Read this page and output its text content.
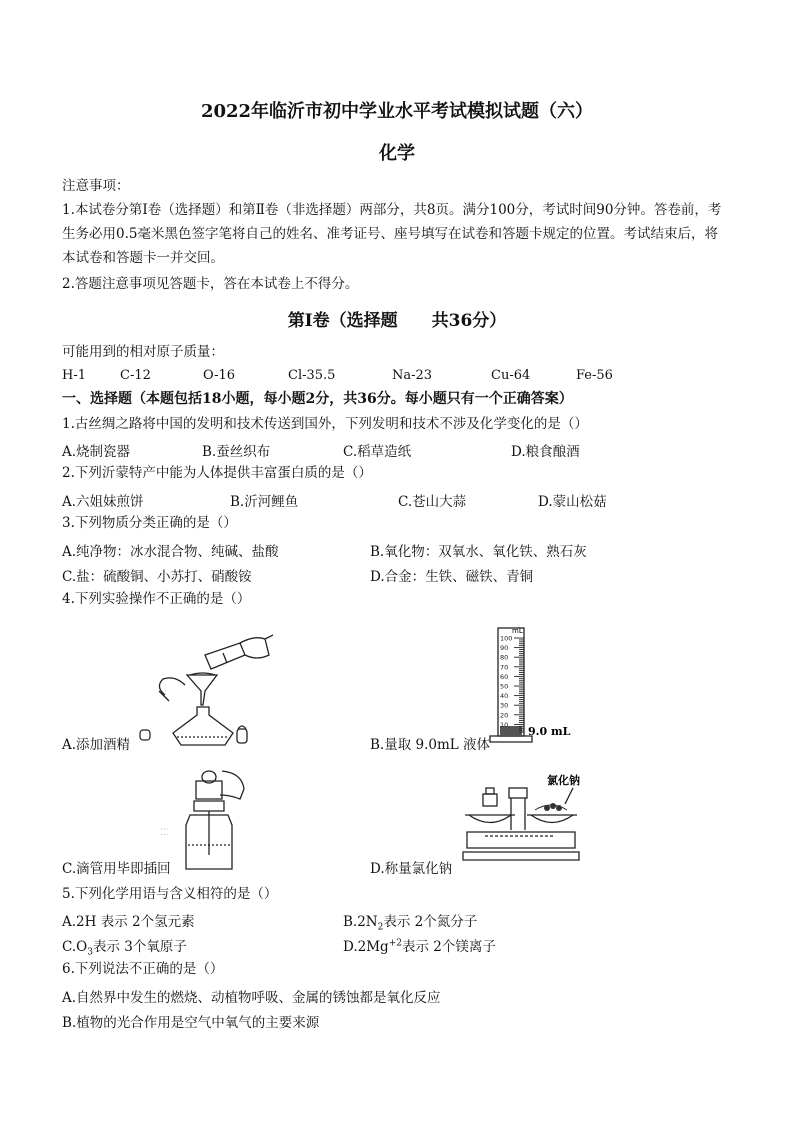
2022年临沂市初中学业水平考试模拟试题（六）
化学
注意事项：
1.本试卷分第Ⅰ卷（选择题）和第Ⅱ卷（非选择题）两部分，共8页。满分100分，考试时间90分钟。答卷前，考生务必用0.5毫米黑色签字笔将自己的姓名、准考证号、座号填写在试卷和答题卡规定的位置。考试结束后，将本试卷和答题卡一并交回。
2.答题注意事项见答题卡，答在本试卷上不得分。
第Ⅰ卷（选择题　　共36分）
可能用到的相对原子质量：
H-1	C-12	O-16	Cl-35.5	Na-23	Cu-64	Fe-56
一、选择题（本题包括18小题，每小题2分，共36分。每小题只有一个正确答案）
1.古丝绸之路将中国的发明和技术传送到国外，下列发明和技术不涉及化学变化的是（）
A.烧制瓷器	B.蚕丝织布	C.稻草造纸	D.粮食酿酒
2.下列沂蒙特产中能为人体提供丰富蛋白质的是（）
A.六姐妹煎饼	B.沂河鲤鱼	C.苍山大蒜	D.蒙山松菇
3.下列物质分类正确的是（）
A.纯净物：冰水混合物、纯碱、盐酸	B.氧化物：双氧水、氧化铁、熟石灰
C.盐：硫酸铜、小苏打、硝酸铵	D.合金：生铁、磁铁、青铜
4.下列实验操作不正确的是（）
A.添加酒精
100
90
80
70
60
50
40
30
20
10
mL
9.0 mL
B.量取 9.0mL 液体
⁚⁚⁚
C.滴管用毕即插回
氯化钠
D.称量氯化钠
5.下列化学用语与含义相符的是（）
A.2H 表示 2个氢元素	$B.2N_2$表示 2个氮分子
$C.O_3$表示 3个氧原子	$D.2Mg^{+2}$表示 2个镁离子
6.下列说法不正确的是（）
A.自然界中发生的燃烧、动植物呼吸、金属的锈蚀都是氧化反应
B.植物的光合作用是空气中氧气的主要来源
